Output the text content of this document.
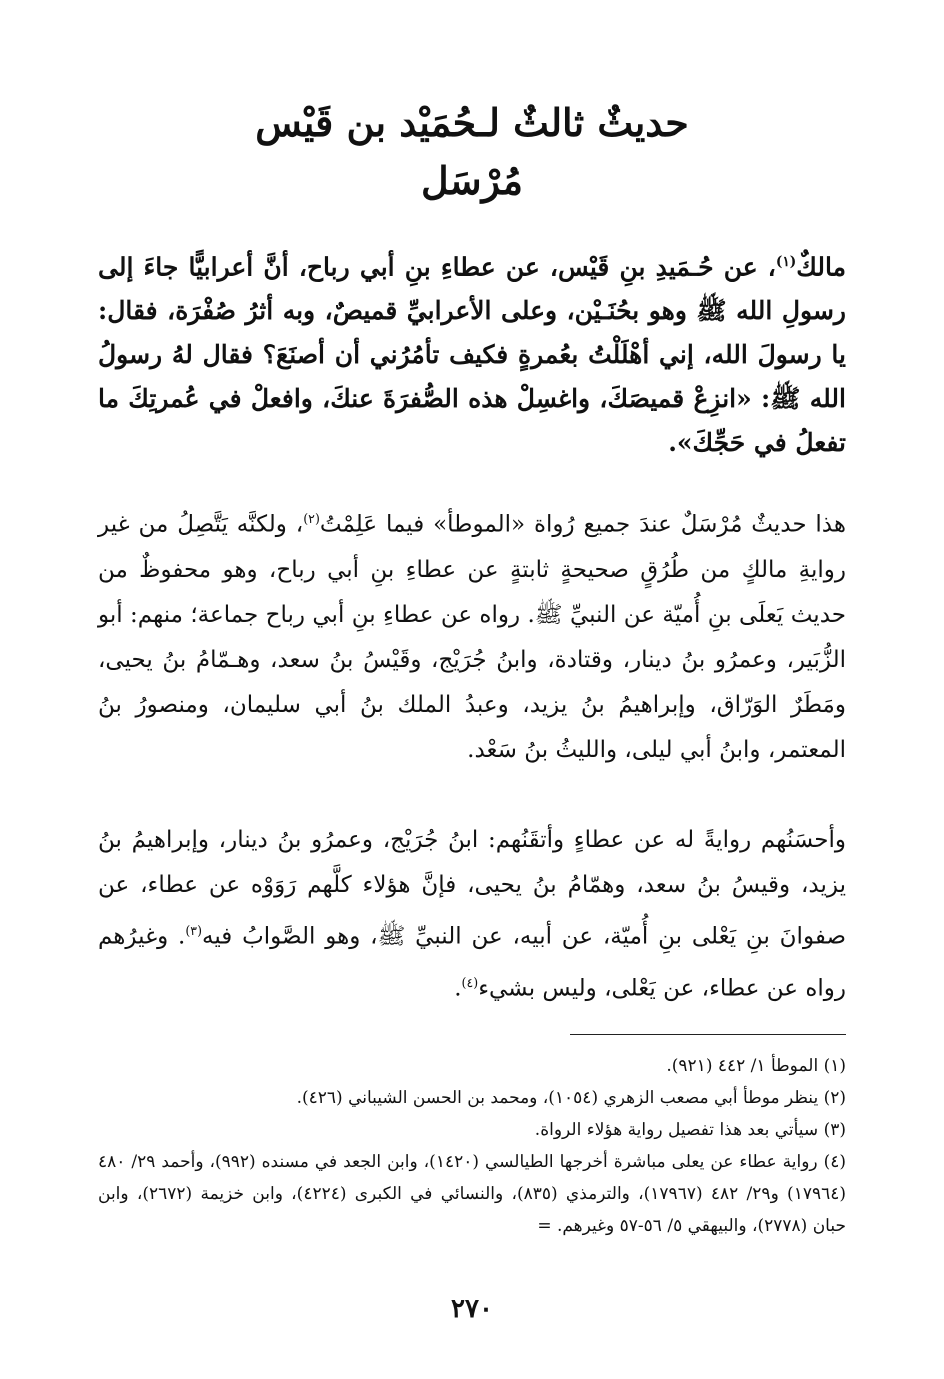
حديثٌ ثالثٌ لـحُمَيْد بن قَيْس
مُرْسَل

مالكٌ$^{(١)}$، عن حُـمَيدِ بنِ قَيْس، عن عطاءِ بنِ أبي رباح، أنَّ أعرابيًّا جاءَ إلى رسولِ الله ﷺ وهو بحُنَـيْن، وعلى الأعرابيِّ قميصٌ، وبه أثرُ صُفْرَة، فقال: يا رسولَ الله، إني أهْلَلْتُ بعُمرةٍ فكيف تأمُرُني أن أصنَعَ؟ فقال لهُ رسولُ الله ﷺ: «انزِعْ قميصَكَ، واغسِلْ هذه الصُّفرَةَ عنكَ، وافعلْ في عُمرتِكَ ما تفعلُ في حَجِّكَ».

هذا حديثٌ مُرْسَلٌ عندَ جميع رُواة «الموطأ» فيما عَلِمْتُ$^{(٢)}$، ولكنَّه يَتَّصِلُ من غير روايةِ مالكٍ من طُرُقٍ صحيحةٍ ثابتةٍ عن عطاءِ بنِ أبي رباح، وهو محفوظٌ من حديث يَعلَى بنِ أُميّة عن النبيِّ ﷺ. رواه عن عطاءِ بنِ أبي رباح جماعة؛ منهم: أبو الزُّبَير، وعمرُو بنُ دينار، وقتادة، وابنُ جُرَيْج، وقَيْسُ بنُ سعد، وهـمّامُ بنُ يحيى، ومَطَرٌ الوَرّاق، وإبراهيمُ بنُ يزيد، وعبدُ الملك بنُ أبي سليمان، ومنصورُ بنُ المعتمر، وابنُ أبي ليلى، والليثُ بنُ سَعْد.

وأحسَنُهم روايةً له عن عطاءٍ وأتقَنُهم: ابنُ جُرَيْج، وعمرُو بنُ دينار، وإبراهيمُ بنُ يزيد، وقيسُ بنُ سعد، وهمّامُ بنُ يحيى، فإنَّ هؤلاء كلَّهم رَوَوْه عن عطاء، عن صفوانَ بنِ يَعْلى بنِ أُميّة، عن أبيه، عن النبيِّ ﷺ، وهو الصَّوابُ فيه$^{(٣)}$. وغيرُهم رواه عن عطاء، عن يَعْلى، وليس بشيء$^{(٤)}$.

(١) الموطأ ١/ ٤٤٢ (٩٢١).
(٢) ينظر موطأ أبي مصعب الزهري (١٠٥٤)، ومحمد بن الحسن الشيباني (٤٢٦).
(٣) سيأتي بعد هذا تفصيل رواية هؤلاء الرواة.
(٤) رواية عطاء عن يعلى مباشرة أخرجها الطيالسي (١٤٢٠)، وابن الجعد في مسنده (٩٩٢)، وأحمد ٢٩/ ٤٨٠ (١٧٩٦٤) و٢٩/ ٤٨٢ (١٧٩٦٧)، والترمذي (٨٣٥)، والنسائي في الكبرى (٤٢٢٤)، وابن خزيمة (٢٦٧٢)، وابن حبان (٢٧٧٨)، والبيهقي ٥/ ٥٦-٥٧ وغيرهم. =
٢٧٠
